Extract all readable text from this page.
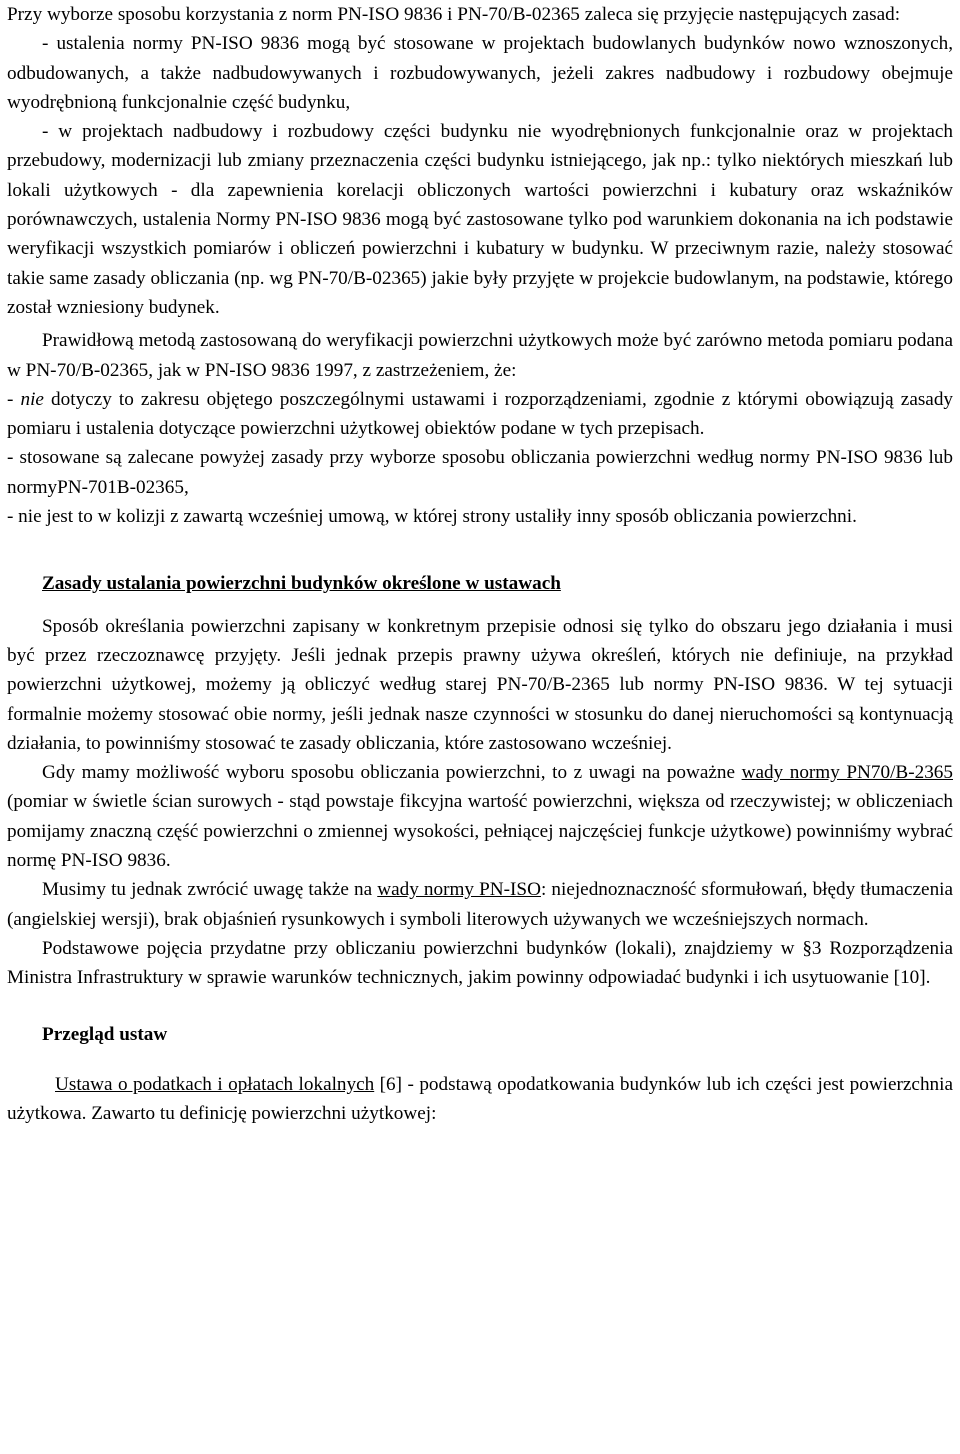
Przy wyborze sposobu korzystania z norm PN-ISO 9836 i PN-70/B-02365 zaleca się przyjęcie następujących zasad:

- ustalenia normy PN-ISO 9836 mogą być stosowane w projektach budowlanych budynków nowo wznoszonych, odbudowanych, a także nadbudowywanych i rozbudowywanych, jeżeli zakres nadbudowy i rozbudowy obejmuje wyodrębnioną funkcjonalnie część budynku,

- w projektach nadbudowy i rozbudowy części budynku nie wyodrębnionych funkcjonalnie oraz w projektach przebudowy, modernizacji lub zmiany przeznaczenia części budynku istniejącego, jak np.: tylko niektórych mieszkań lub lokali użytkowych - dla zapewnienia korelacji obliczonych wartości powierzchni i kubatury oraz wskaźników porównawczych, ustalenia Normy PN-ISO 9836 mogą być zastosowane tylko pod warunkiem dokonania na ich podstawie weryfikacji wszystkich pomiarów i obliczeń powierzchni i kubatury w budynku. W przeciwnym razie, należy stosować takie same zasady obliczania (np. wg PN-70/B-02365) jakie były przyjęte w projekcie budowlanym, na podstawie, którego został wzniesiony budynek.

Prawidłową metodą zastosowaną do weryfikacji powierzchni użytkowych może być zarówno metoda pomiaru podana w PN-70/B-02365, jak w PN-ISO 9836 1997, z zastrzeżeniem, że:

- nie dotyczy to zakresu objętego poszczególnymi ustawami i rozporządzeniami, zgodnie z którymi obowiązują zasady pomiaru i ustalenia dotyczące powierzchni użytkowej obiektów podane w tych przepisach.

- stosowane są zalecane powyżej zasady przy wyborze sposobu obliczania powierzchni według normy PN-ISO 9836 lub normyPN-701B-02365,

- nie jest to w kolizji z zawartą wcześniej umową, w której strony ustaliły inny sposób obliczania powierzchni.

Zasady ustalania powierzchni budynków określone w ustawach

Sposób określania powierzchni zapisany w konkretnym przepisie odnosi się tylko do obszaru jego działania i musi być przez rzeczoznawcę przyjęty. Jeśli jednak przepis prawny używa określeń, których nie definiuje, na przykład powierzchni użytkowej, możemy ją obliczyć według starej PN-70/B-2365 lub normy PN-ISO 9836. W tej sytuacji formalnie możemy stosować obie normy, jeśli jednak nasze czynności w stosunku do danej nieruchomości są kontynuacją działania, to powinniśmy stosować te zasady obliczania, które zastosowano wcześniej.

Gdy mamy możliwość wyboru sposobu obliczania powierzchni, to z uwagi na poważne wady normy PN70/B-2365 (pomiar w świetle ścian surowych - stąd powstaje fikcyjna wartość powierzchni, większa od rzeczywistej; w obliczeniach pomijamy znaczną część powierzchni o zmiennej wysokości, pełniącej najczęściej funkcje użytkowe) powinniśmy wybrać normę PN-ISO 9836.

Musimy tu jednak zwrócić uwagę także na wady normy PN-ISO: niejednoznaczność sformułowań, błędy tłumaczenia (angielskiej wersji), brak objaśnień rysunkowych i symboli literowych używanych we wcześniejszych normach.

Podstawowe pojęcia przydatne przy obliczaniu powierzchni budynków (lokali), znajdziemy w §3 Rozporządzenia Ministra Infrastruktury w sprawie warunków technicznych, jakim powinny odpowiadać budynki i ich usytuowanie [10].

Przegląd ustaw

Ustawa o podatkach i opłatach lokalnych [6] - podstawą opodatkowania budynków lub ich części jest powierzchnia użytkowa. Zawarto tu definicję powierzchni użytkowej:
